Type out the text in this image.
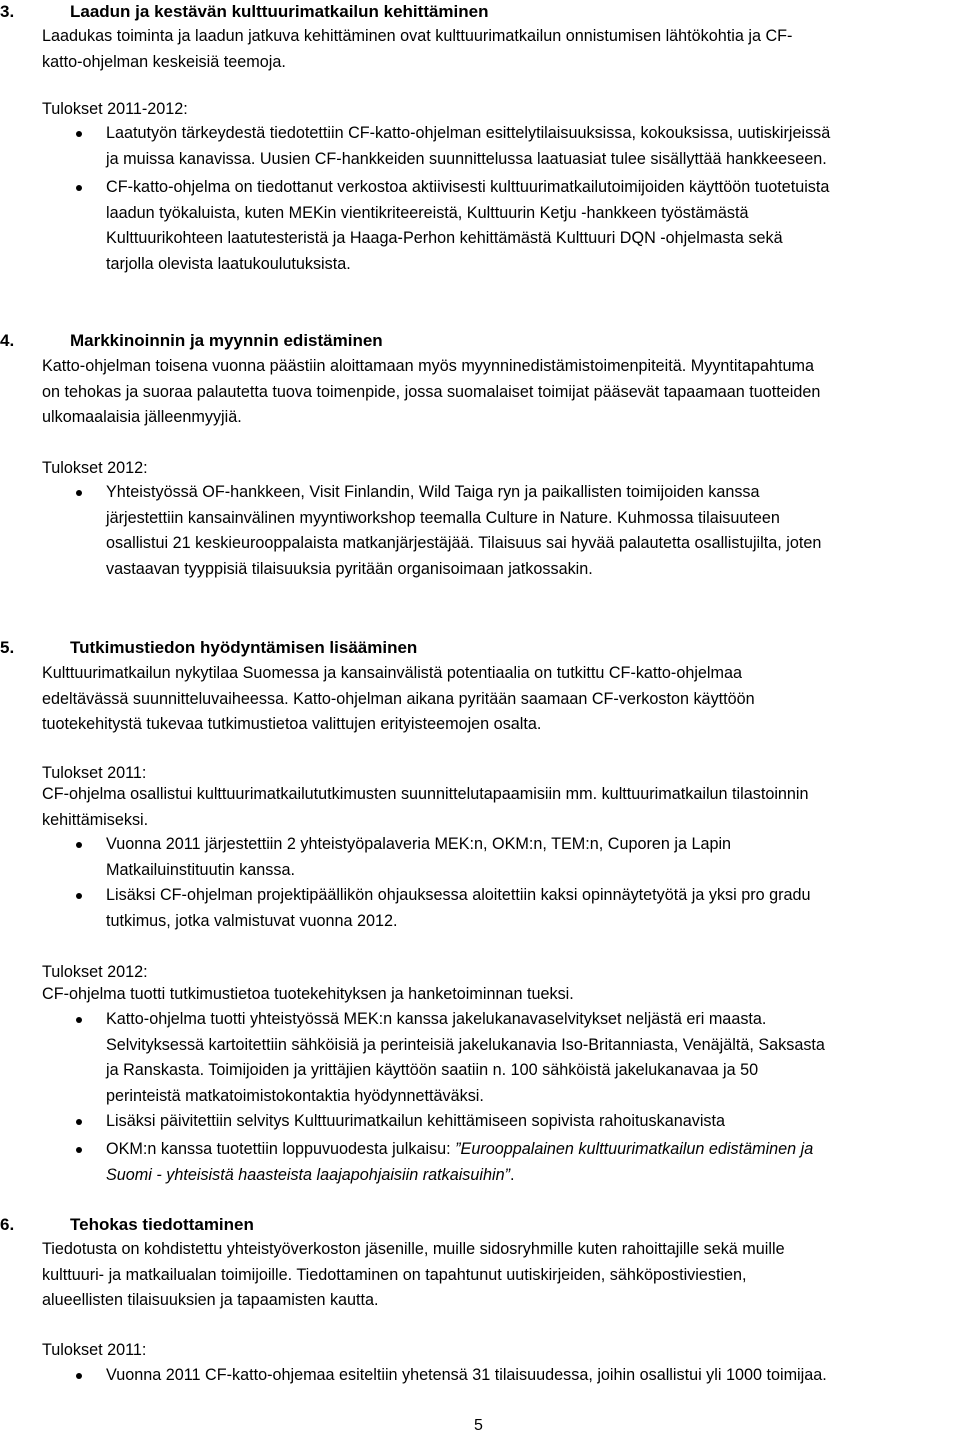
3.	Laadun ja kestävän kulttuurimatkailun kehittäminen
Laadukas toiminta ja laadun jatkuva kehittäminen ovat kulttuurimatkailun onnistumisen lähtökohtia ja CF-
katto-ohjelman keskeisiä teemoja.
Tulokset 2011-2012:
Laatutyön tärkeydestä tiedotettiin CF-katto-ohjelman esittelytilaisuuksissa, kokouksissa, uutiskirjeissä
ja muissa kanavissa. Uusien CF-hankkeiden suunnittelussa laatuasiat tulee sisällyttää hankkeeseen.
CF-katto-ohjelma on tiedottanut verkostoa aktiivisesti kulttuurimatkailutoimijoiden käyttöön tuotetuista
laadun työkaluista, kuten MEKin vientikriteereistä, Kulttuurin Ketju -hankkeen työstämästä
Kulttuurikohteen laatutesteristä ja Haaga-Perhon kehittämästä Kulttuuri DQN -ohjelmasta sekä
tarjolla olevista laatukoulutuksista.
4.	Markkinoinnin ja myynnin edistäminen
Katto-ohjelman toisena vuonna päästiin aloittamaan myös myynninedistämistoimenpiteitä. Myyntitapahtuma
on tehokas ja suoraa palautetta tuova toimenpide, jossa suomalaiset toimijat pääsevät tapaamaan tuotteiden
ulkomaalaisia jälleenmyyjiä.
Tulokset 2012:
Yhteistyössä OF-hankkeen, Visit Finlandin, Wild Taiga ryn ja paikallisten toimijoiden kanssa
järjestettiin kansainvälinen myyntiworkshop teemalla Culture in Nature. Kuhmossa tilaisuuteen
osallistui 21 keskieurooppalaista matkanjärjestäjää. Tilaisuus sai hyvää palautetta osallistujilta, joten
vastaavan tyyppisiä tilaisuuksia pyritään organisoimaan jatkossakin.
5.	Tutkimustiedon hyödyntämisen lisääminen
Kulttuurimatkailun nykytilaa Suomessa ja kansainvälistä potentiaalia on tutkittu CF-katto-ohjelmaa
edeltävässä suunnitteluvaiheessa. Katto-ohjelman aikana pyritään saamaan CF-verkoston käyttöön
tuotekehitystä tukevaa tutkimustietoa valittujen erityisteemojen osalta.
Tulokset 2011:
CF-ohjelma osallistui kulttuurimatkailututkimusten suunnittelutapaamisiin mm. kulttuurimatkailun tilastoinnin
kehittämiseksi.
Vuonna 2011 järjestettiin 2 yhteistyöpalaveria MEK:n, OKM:n, TEM:n, Cuporen ja Lapin
Matkailuinstituutin kanssa.
Lisäksi CF-ohjelman projektipäällikön ohjauksessa aloitettiin kaksi opinnäytetyötä ja yksi pro gradu
tutkimus, jotka valmistuvat vuonna 2012.
Tulokset 2012:
CF-ohjelma tuotti tutkimustietoa tuotekehityksen ja hanketoiminnan tueksi.
Katto-ohjelma tuotti yhteistyössä MEK:n kanssa jakelukanavaselvitykset neljästä eri maasta.
Selvityksessä kartoitettiin sähköisiä ja perinteisiä jakelukanavia Iso-Britanniasta, Venäjältä, Saksasta
ja Ranskasta. Toimijoiden ja yrittäjien käyttöön saatiin n. 100 sähköistä jakelukanavaa ja 50
perinteistä matkatoimistokontaktia hyödynnettäväksi.
Lisäksi päivitettiin selvitys Kulttuurimatkailun kehittämiseen sopivista rahoituskanavista
OKM:n kanssa tuotettiin loppuvuodesta julkaisu: ”Eurooppalainen kulttuurimatkailun edistäminen ja
Suomi - yhteisistä haasteista laajapohjaisiin ratkaisuihin”.
6.	Tehokas tiedottaminen
Tiedotusta on kohdistettu yhteistyöverkoston jäsenille, muille sidosryhmille kuten rahoittajille sekä muille
kulttuuri- ja matkailualan toimijoille. Tiedottaminen on tapahtunut uutiskirjeiden, sähköpostiviestien,
alueellisten tilaisuuksien ja tapaamisten kautta.
Tulokset 2011:
Vuonna 2011 CF-katto-ohjemaa esiteltiin yhetensä 31 tilaisuudessa, joihin osallistui yli 1000 toimijaa.
5
